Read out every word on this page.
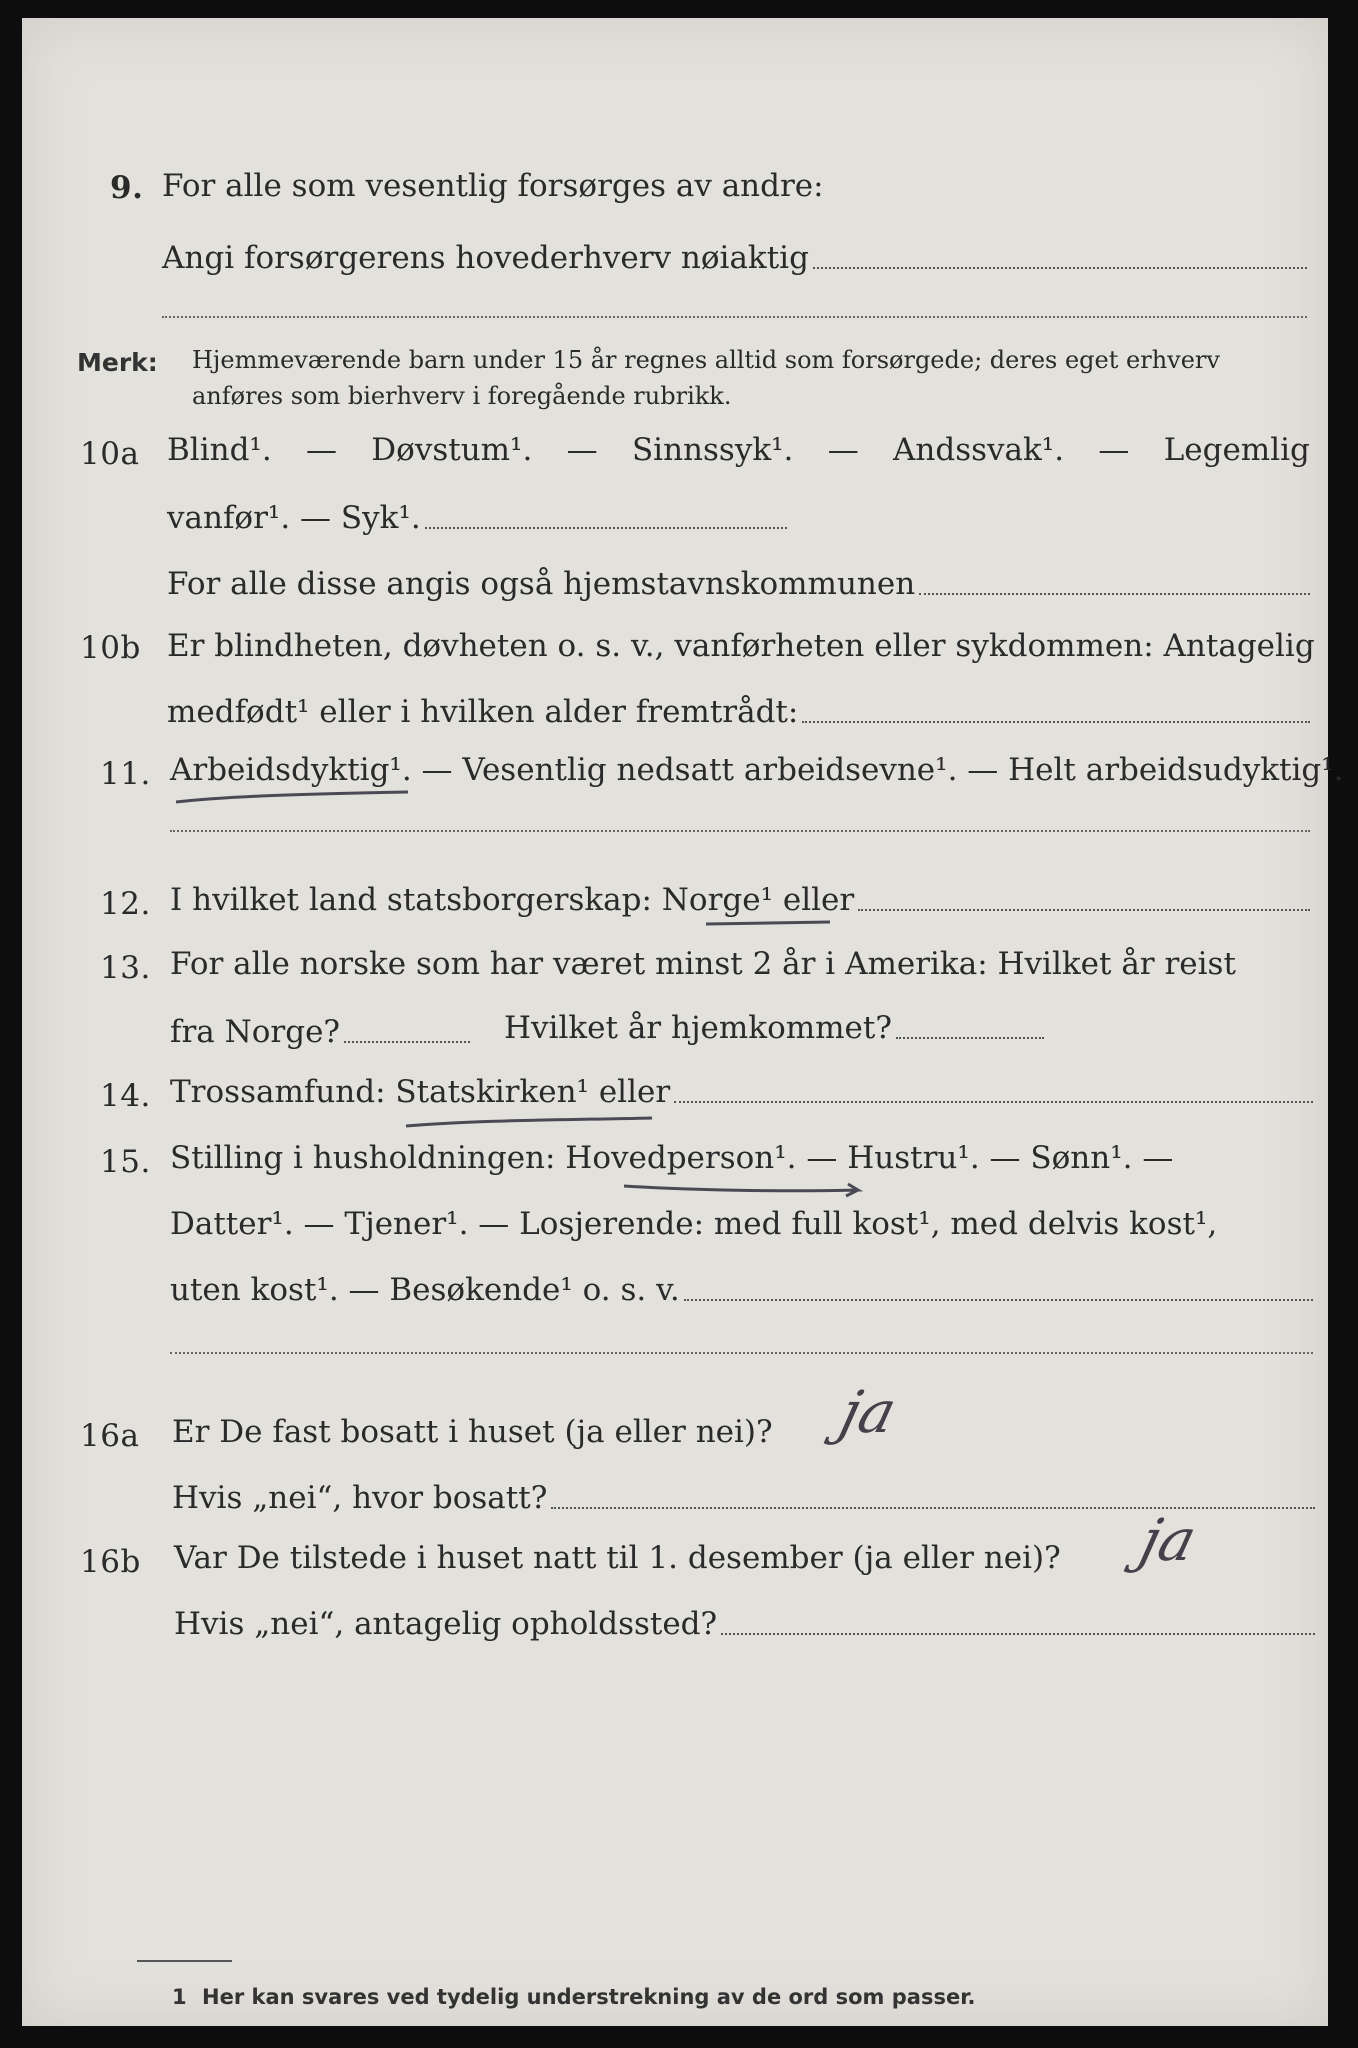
9. For alle som vesentlig forsørges av andre:
Angi forsørgerens hovederhverv nøiaktig
Merk: Hjemmeværende barn under 15 år regnes alltid som forsørgede; deres eget erhverv
anføres som bierhverv i foregående rubrikk.
10a Blind¹. — Døvstum¹. — Sinnssyk¹. — Andssvak¹. — Legemlig
vanfør¹. — Syk¹.
For alle disse angis også hjemstavnskommunen
10b Er blindheten, døvheten o. s. v., vanførheten eller sykdommen: Antagelig
medfødt¹ eller i hvilken alder fremtrådt:
11. Arbeidsdyktig¹. — Vesentlig nedsatt arbeidsevne¹. — Helt arbeidsudyktig¹.
12. I hvilket land statsborgerskap: Norge¹ eller
13. For alle norske som har været minst 2 år i Amerika: Hvilket år reist
fra Norge?	Hvilket år hjemkommet?
14. Trossamfund: Statskirken¹ eller
15. Stilling i husholdningen: Hovedperson¹. — Hustru¹. — Sønn¹. —
Datter¹. — Tjener¹. — Losjerende: med full kost¹, med delvis kost¹,
uten kost¹. — Besøkende¹ o. s. v.
16a Er De fast bosatt i huset (ja eller nei)? ja
Hvis „nei“, hvor bosatt?
16b Var De tilstede i huset natt til 1. desember (ja eller nei)? ja
Hvis „nei“, antagelig opholdssted?
1 Her kan svares ved tydelig understrekning av de ord som passer.
